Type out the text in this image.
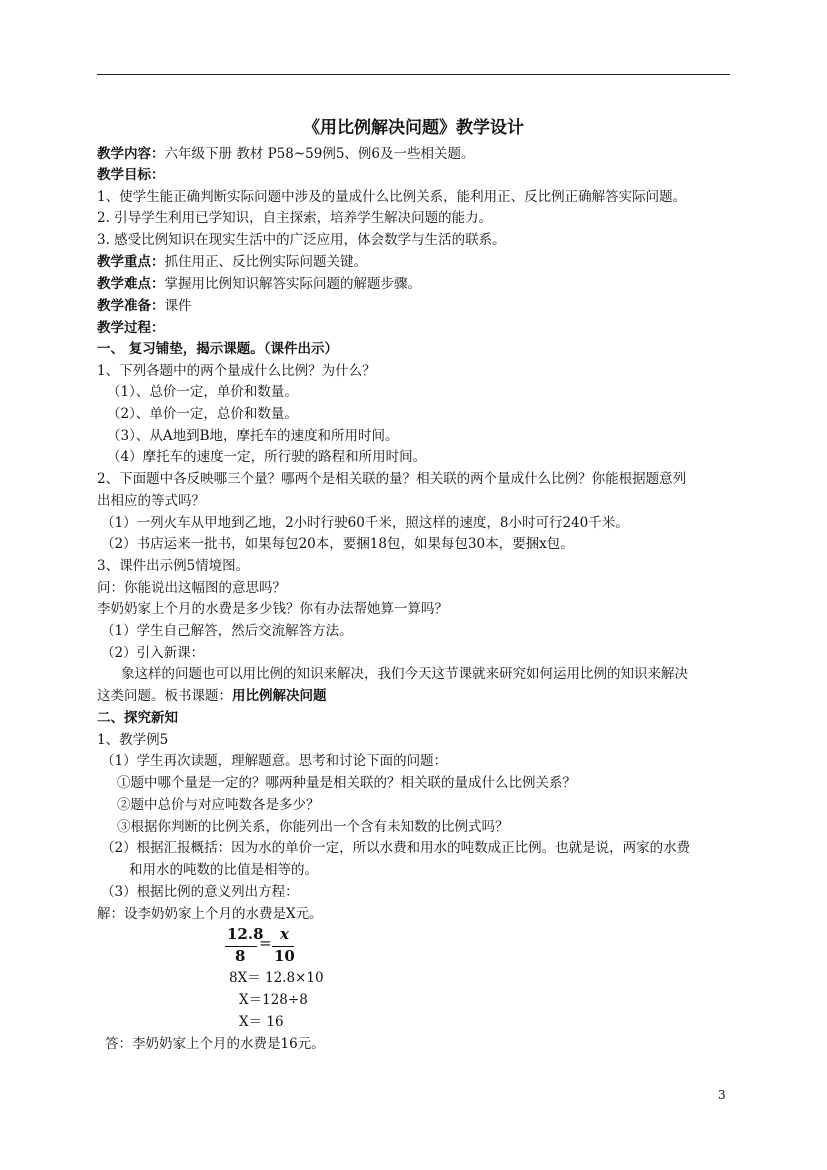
《用比例解决问题》教学设计
教学内容：六年级下册 教材 P58~59例5、例6及一些相关题。
教学目标：
1、使学生能正确判断实际问题中涉及的量成什么比例关系，能利用正、反比例正确解答实际问题。
2. 引导学生利用已学知识，自主探索，培养学生解决问题的能力。
3. 感受比例知识在现实生活中的广泛应用，体会数学与生活的联系。
教学重点：抓住用正、反比例实际问题关键。
教学难点：掌握用比例知识解答实际问题的解题步骤。
教学准备：课件
教学过程：
一、 复习铺垫，揭示课题。（课件出示）
1、下列各题中的两个量成什么比例？为什么？
（1）、总价一定，单价和数量。
（2）、单价一定，总价和数量。
（3）、从A地到B地，摩托车的速度和所用时间。
（4）摩托车的速度一定，所行驶的路程和所用时间。
2、下面题中各反映哪三个量？哪两个是相关联的量？相关联的两个量成什么比例？你能根据题意列
出相应的等式吗？
（1）一列火车从甲地到乙地，2小时行驶60千米，照这样的速度，8小时可行240千米。
（2）书店运来一批书，如果每包20本，要捆18包，如果每包30本，要捆x包。
3、课件出示例5情境图。
问：你能说出这幅图的意思吗？
李奶奶家上个月的水费是多少钱？你有办法帮她算一算吗？
（1）学生自己解答，然后交流解答方法。
（2）引入新课：
象这样的问题也可以用比例的知识来解决，我们今天这节课就来研究如何运用比例的知识来解决
这类问题。板书课题：用比例解决问题
二、探究新知
1、教学例5
（1）学生再次读题，理解题意。思考和讨论下面的问题：
①题中哪个量是一定的？哪两种量是相关联的？相关联的量成什么比例关系？
②题中总价与对应吨数各是多少？
③根据你判断的比例关系，你能列出一个含有未知数的比例式吗？
（2）根据汇报概括：因为水的单价一定，所以水费和用水的吨数成正比例。也就是说，两家的水费
和用水的吨数的比值是相等的。
（3）根据比例的意义列出方程：
解：设李奶奶家上个月的水费是X元。
12.8
8
= x
10
8X＝ 12.8×10
X＝128÷8
X＝ 16
答：李奶奶家上个月的水费是16元。
3
